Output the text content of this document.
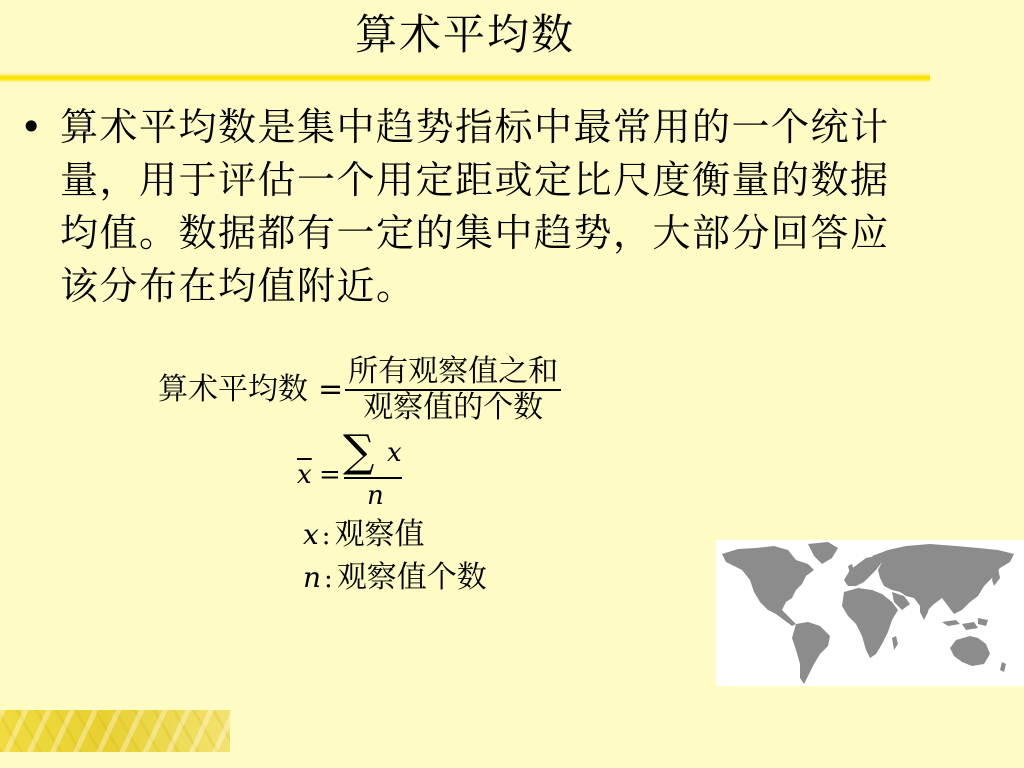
算术平均数
• 算术平均数是集中趋势指标中最常用的一个统计
量，用于评估一个用定距或定比尺度衡量的数据
均值。数据都有一定的集中趋势，大部分回答应
该分布在均值附近。
算术平均数 = $\frac{\text{所有观察值之和}}{\text{观察值的个数}}$
$\overline{x}$ = ∑ x
n
x : 观察值
n : 观察值个数
